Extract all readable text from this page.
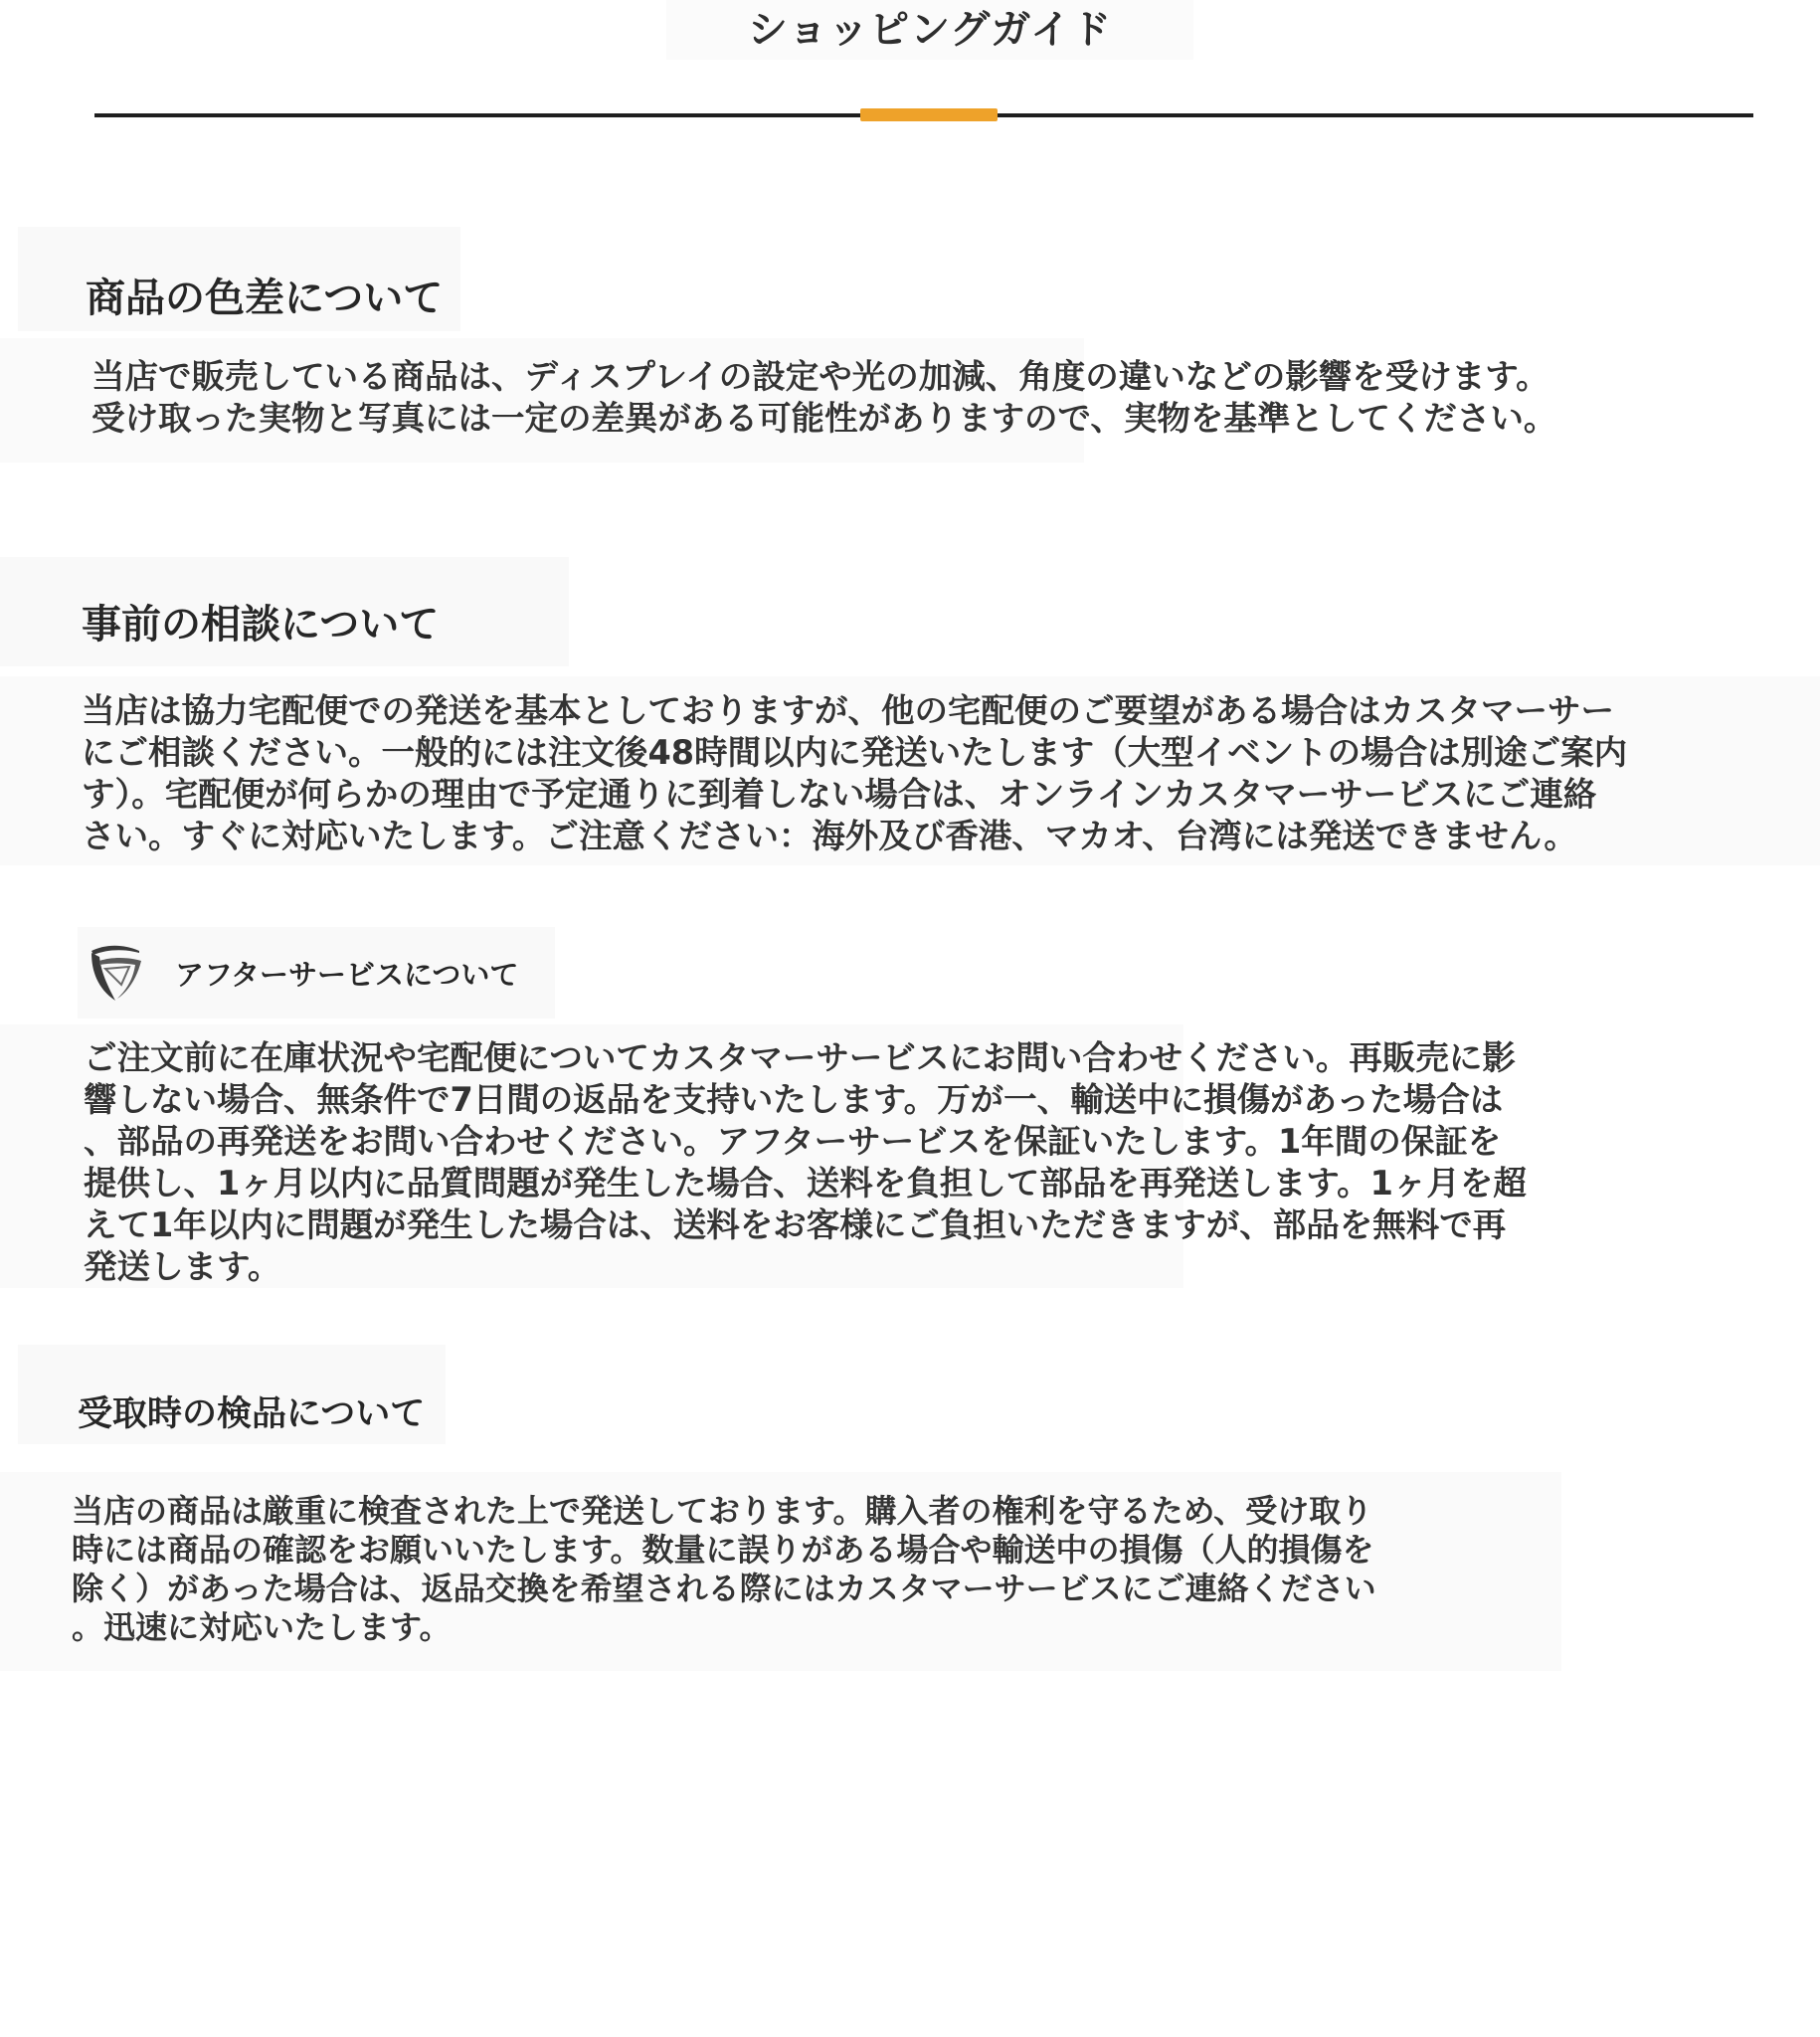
ショッピングガイド
商品の色差について
当店で販売している商品は、ディスプレイの設定や光の加減、角度の違いなどの影響を受けます。
受け取った実物と写真には一定の差異がある可能性がありますので、実物を基準としてください。
事前の相談について
当店は協力宅配便での発送を基本としておりますが、他の宅配便のご要望がある場合はカスタマーサー
にご相談ください。一般的には注文後48時間以内に発送いたします（大型イベントの場合は別途ご案内
す）。宅配便が何らかの理由で予定通りに到着しない場合は、オンラインカスタマーサービスにご連絡
さい。すぐに対応いたします。ご注意ください：海外及び香港、マカオ、台湾には発送できません。
アフターサービスについて
ご注文前に在庫状況や宅配便についてカスタマーサービスにお問い合わせください。再販売に影
響しない場合、無条件で7日間の返品を支持いたします。万が一、輸送中に損傷があった場合は
、部品の再発送をお問い合わせください。アフターサービスを保証いたします。1年間の保証を
提供し、1ヶ月以内に品質問題が発生した場合、送料を負担して部品を再発送します。1ヶ月を超
えて1年以内に問題が発生した場合は、送料をお客様にご負担いただきますが、部品を無料で再
発送します。
受取時の検品について
当店の商品は厳重に検査された上で発送しております。購入者の権利を守るため、受け取り
時には商品の確認をお願いいたします。数量に誤りがある場合や輸送中の損傷（人的損傷を
除く）があった場合は、返品交換を希望される際にはカスタマーサービスにご連絡ください
。迅速に対応いたします。
